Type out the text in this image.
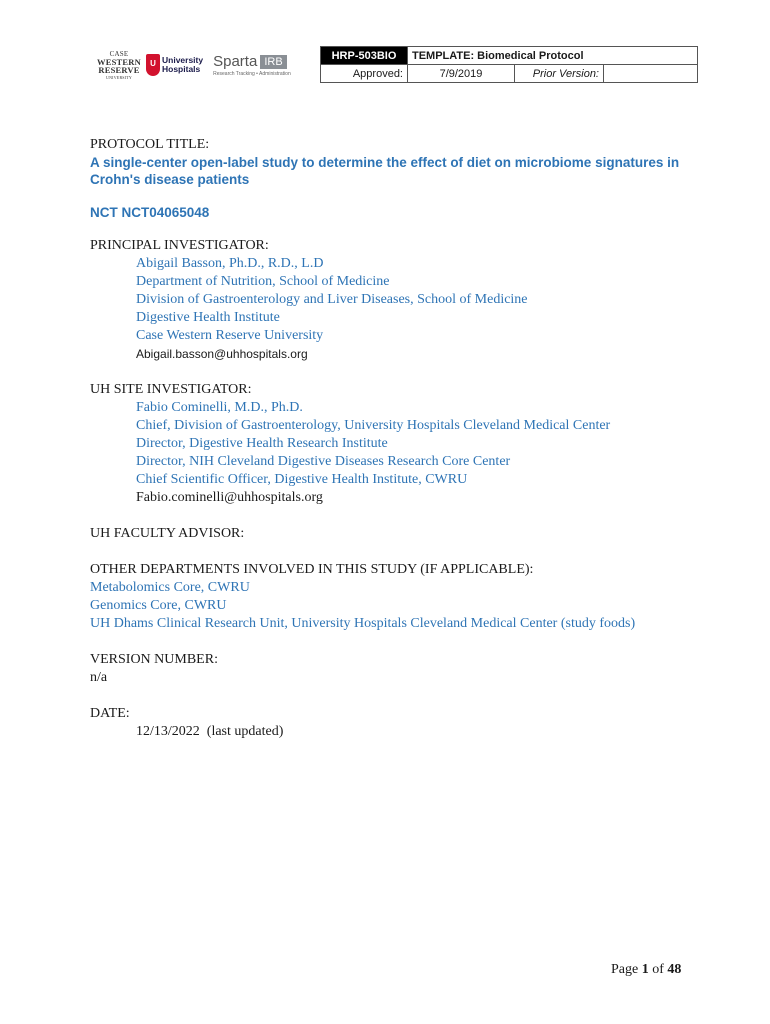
CASE
WESTERN
RESERVE
UNIVERSITY
U University
Hospitals Sparta IRB
Research Tracking • Administration
HRP-503BIO	TEMPLATE: Biomedical Protocol		
Approved:	7/9/2019	Prior Version:	
PROTOCOL TITLE:
A single-center open-label study to determine the effect of diet on microbiome signatures in Crohn's disease patients
NCT NCT04065048
PRINCIPAL INVESTIGATOR:
Abigail Basson, Ph.D., R.D., L.D
Department of Nutrition, School of Medicine
Division of Gastroenterology and Liver Diseases, School of Medicine
Digestive Health Institute
Case Western Reserve University
Abigail.basson@uhhospitals.org
UH SITE INVESTIGATOR:
Fabio Cominelli, M.D., Ph.D.
Chief, Division of Gastroenterology, University Hospitals Cleveland Medical Center
Director, Digestive Health Research Institute
Director, NIH Cleveland Digestive Diseases Research Core Center
Chief Scientific Officer, Digestive Health Institute, CWRU
Fabio.cominelli@uhhospitals.org
UH FACULTY ADVISOR:
OTHER DEPARTMENTS INVOLVED IN THIS STUDY (IF APPLICABLE):
Metabolomics Core, CWRU
Genomics Core, CWRU
UH Dhams Clinical Research Unit, University Hospitals Cleveland Medical Center (study foods)
VERSION NUMBER:
n/a
DATE:
12/13/2022  (last updated)
Page 1 of 48
